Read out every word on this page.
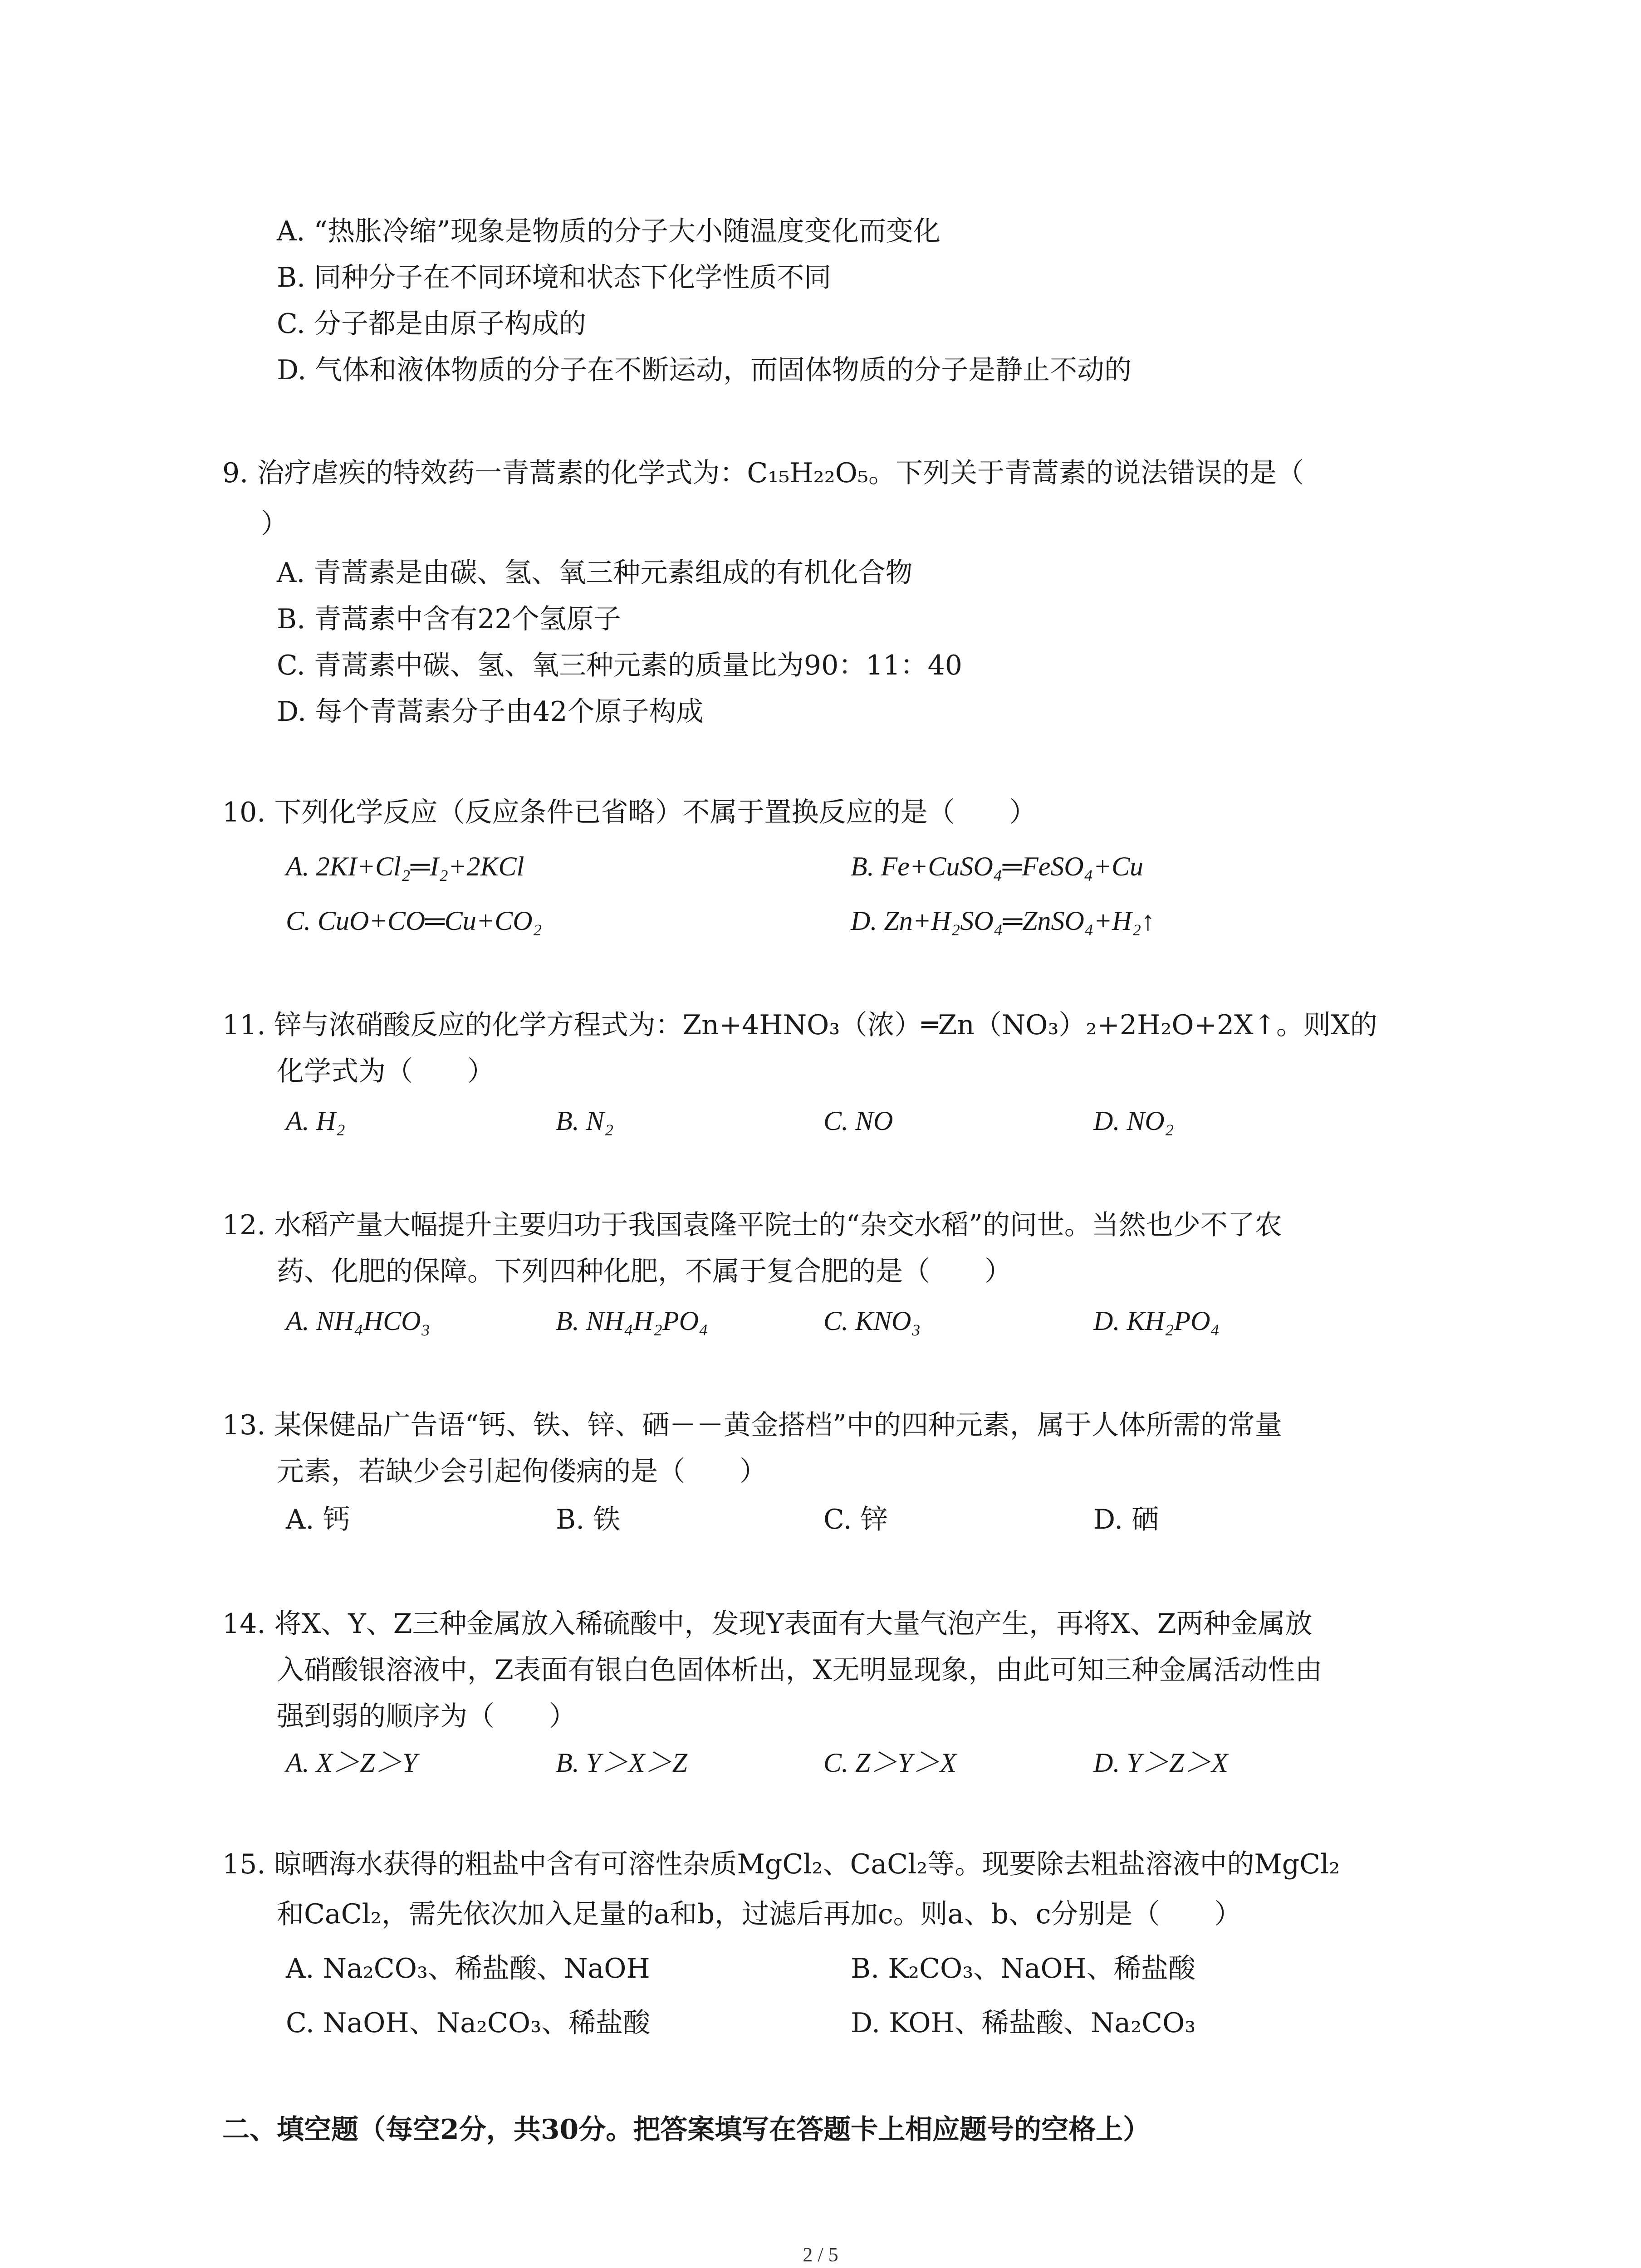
A. “热胀冷缩”现象是物质的分子大小随温度变化而变化
B. 同种分子在不同环境和状态下化学性质不同
C. 分子都是由原子构成的
D. 气体和液体物质的分子在不断运动，而固体物质的分子是静止不动的
9. 治疗虐疾的特效药一青蒿素的化学式为：C₁₅H₂₂O₅。下列关于青蒿素的说法错误的是（
）
A. 青蒿素是由碳、氢、氧三种元素组成的有机化合物
B. 青蒿素中含有22个氢原子
C. 青蒿素中碳、氢、氧三种元素的质量比为90：11：40
D. 每个青蒿素分子由42个原子构成
10. 下列化学反应（反应条件已省略）不属于置换反应的是（　　）
A. 2KI+Cl₂═I₂+2KCl	B. Fe+CuSO₄═FeSO₄+Cu
C. CuO+CO═Cu+CO₂	D. Zn+H₂SO₄═ZnSO₄+H₂↑
11. 锌与浓硝酸反应的化学方程式为：Zn+4HNO₃（浓）═Zn（NO₃）₂+2H₂O+2X↑。则X的
化学式为（　　）
A. H₂	B. N₂	C. NO	D. NO₂
12. 水稻产量大幅提升主要归功于我国袁隆平院士的“杂交水稻”的问世。当然也少不了农
药、化肥的保障。下列四种化肥，不属于复合肥的是（　　）
A. NH₄HCO₃	B. NH₄H₂PO₄	C. KNO₃	D. KH₂PO₄
13. 某保健品广告语“钙、铁、锌、硒－－黄金搭档”中的四种元素，属于人体所需的常量
元素，若缺少会引起佝偻病的是（　　）
A. 钙	B. 铁	C. 锌	D. 硒
14. 将X、Y、Z三种金属放入稀硫酸中，发现Y表面有大量气泡产生，再将X、Z两种金属放
入硝酸银溶液中，Z表面有银白色固体析出，X无明显现象，由此可知三种金属活动性由
强到弱的顺序为（　　）
A. X＞Z＞Y	B. Y＞X＞Z	C. Z＞Y＞X	D. Y＞Z＞X
15. 晾晒海水获得的粗盐中含有可溶性杂质MgCl₂、CaCl₂等。现要除去粗盐溶液中的MgCl₂
和CaCl₂，需先依次加入足量的a和b，过滤后再加c。则a、b、c分别是（　　）
A. Na₂CO₃、稀盐酸、NaOH	B. K₂CO₃、NaOH、稀盐酸
C. NaOH、Na₂CO₃、稀盐酸	D. KOH、稀盐酸、Na₂CO₃
二、填空题（每空2分，共30分。把答案填写在答题卡上相应题号的空格上）
2 / 5
